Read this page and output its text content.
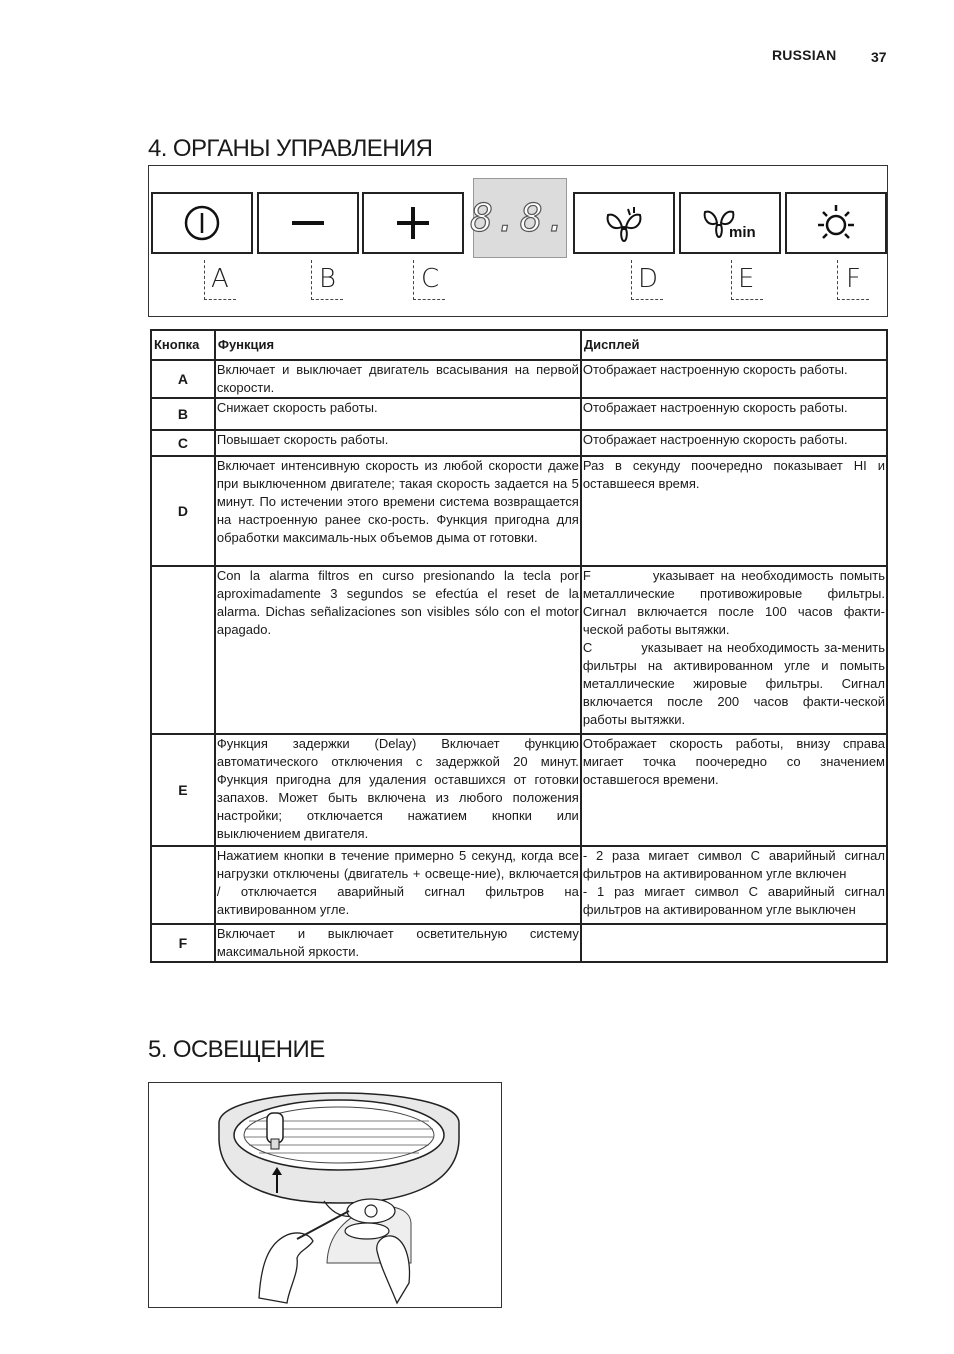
RUSSIAN 37
4. ОРГАНЫ УПРАВЛЕНИЯ
8.8.	min
A	B	C	D	E	F
Кнопка	Функция	Дисплей
A	Включает и выключает двигатель всасывания на первой скорости.	Отображает настроенную скорость работы.
B	Снижает скорость работы.	Отображает настроенную скорость работы.
C	Повышает скорость работы.	Отображает настроенную скорость работы.
D	Включает интенсивную скорость из любой скорости даже при выключенном двигателе; такая скорость задается на 5 минут. По истечении этого времени система возвращается на настроенную ранее ско-рость. Функция пригодна для обработки максималь-ных объемов дыма от готовки.	Раз в секунду поочередно показывает HI и оставшееся время.
	Con la alarma filtros en curso presionando la tecla por aproximadamente 3 segundos se efectúa el reset de la alarma. Dichas señalizaciones son visibles sólo con el motor apagado.	F          указывает на необходимость помыть металлические противожировые фильтры. Сигнал включается после 100 часов факти-ческой работы вытяжки.
C          указывает на необходимость за-менить фильтры на активированном угле и помыть металлические жировые фильтры. Сигнал включается после 200 часов факти-ческой работы вытяжки.

E	Функция задержки (Delay) Включает функцию автоматического отключения с задержкой 20 минут. Функция пригодна для удаления оставшихся от готовки запахов. Может быть включена из любого положения настройки; отключается нажатием кнопки или выключением двигателя.	Отображает скорость работы, внизу справа мигает точка поочередно со значением оставшегося времени.
	Нажатием кнопки в течение примерно 5 секунд, когда все нагрузки отключены (двигатель + освеще-ние), включается / отключается аварийный сигнал фильтров на активированном угле.	- 2 раза мигает символ С аварийный сигнал фильтров на активированном угле включен
- 1 раз мигает символ С аварийный сигнал фильтров на активированном угле выключен

F	Включает и выключает осветительную систему максимальной яркости.	
5. ОСВЕЩЕНИЕ
